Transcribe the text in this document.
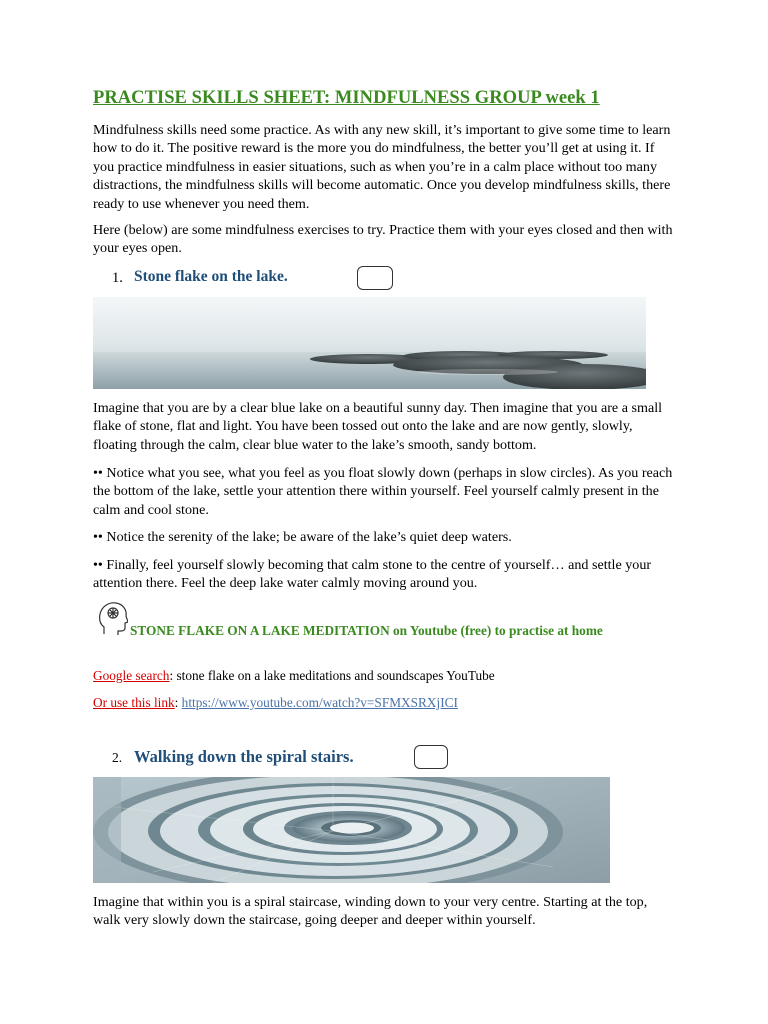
PRACTISE SKILLS SHEET: MINDFULNESS GROUP week 1

Mindfulness skills need some practice. As with any new skill, it’s important to give some time to learn how to do it. The positive reward is the more you do mindfulness, the better you’ll get at using it. If you practice mindfulness in easier situations, such as when you’re in a calm place without too many distractions, the mindfulness skills will become automatic. Once you develop mindfulness skills, there ready to use whenever you need them.

Here (below) are some mindfulness exercises to try. Practice them with your eyes closed and then with your eyes open.

1. Stone flake on the lake.

Imagine that you are by a clear blue lake on a beautiful sunny day. Then imagine that you are a small flake of stone, flat and light. You have been tossed out onto the lake and are now gently, slowly, floating through the calm, clear blue water to the lake’s smooth, sandy bottom.

•• Notice what you see, what you feel as you float slowly down (perhaps in slow circles). As you reach the bottom of the lake, settle your attention there within yourself. Feel yourself calmly present in the calm and cool stone.

•• Notice the serenity of the lake; be aware of the lake’s quiet deep waters.

•• Finally, feel yourself slowly becoming that calm stone to the centre of yourself… and settle your attention there. Feel the deep lake water calmly moving around you.

STONE FLAKE ON A LAKE MEDITATION on Youtube (free) to practise at home

Google search: stone flake on a lake meditations and soundscapes YouTube

Or use this link: https://www.youtube.com/watch?v=SFMXSRXjICI

2. Walking down the spiral stairs.

Imagine that within you is a spiral staircase, winding down to your very centre. Starting at the top, walk very slowly down the staircase, going deeper and deeper within yourself.
